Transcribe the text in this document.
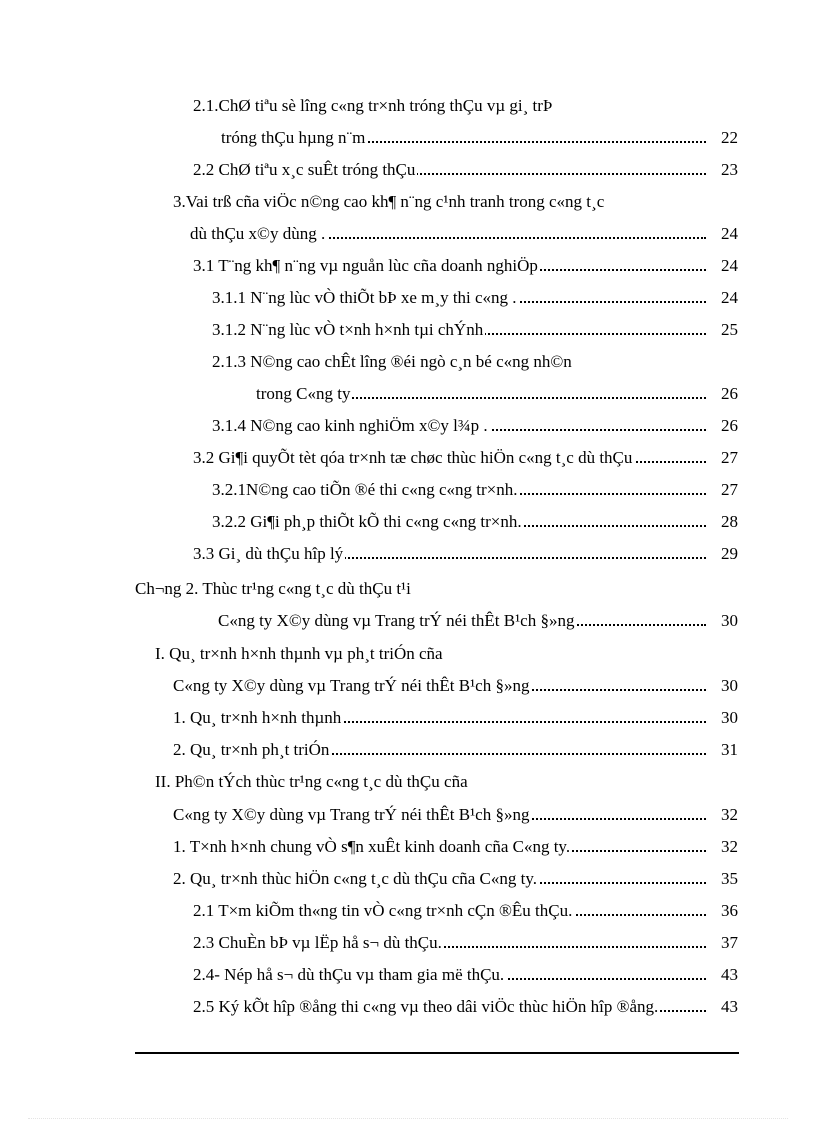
2.1.ChØ tiªu sè lîng c«ng tr×nh tróng thÇu vµ gi¸ trÞ
tróng thÇu hµng n¨m	22
2.2 ChØ tiªu x¸c suÊt tróng thÇu	23
3.Vai trß cña viÖc n©ng cao kh¶ n¨ng c¹nh tranh trong c«ng t¸c
dù thÇu x©y dùng .	24
3.1 T¨ng kh¶ n¨ng vµ nguån lùc cña doanh nghiÖp	24
3.1.1 N¨ng lùc vÒ thiÕt bÞ xe m¸y thi c«ng .	24
3.1.2 N¨ng lùc vÒ t×nh h×nh tµi chÝnh	25
2.1.3 N©ng cao chÊt lîng ®éi ngò c¸n bé c«ng nh©n
trong C«ng ty	26
3.1.4 N©ng cao kinh nghiÖm x©y l¾p .	26
3.2 Gi¶i quyÕt tèt qóa tr×nh tæ chøc thùc hiÖn c«ng t¸c dù thÇu	27
3.2.1N©ng cao tiÕn ®é thi c«ng c«ng tr×nh.	27
3.2.2 Gi¶i ph¸p thiÕt kÕ thi c«ng c«ng tr×nh.	28
3.3 Gi¸ dù thÇu hîp lý	29
Ch¬ng 2. Thùc tr¹ng c«ng t¸c dù thÇu t¹i
C«ng ty X©y dùng vµ Trang trÝ néi thÊt B¹ch §»ng	30
I. Qu¸ tr×nh h×nh thµnh vµ ph¸t triÓn cña
C«ng ty X©y dùng vµ Trang trÝ néi thÊt B¹ch §»ng	30
1. Qu¸ tr×nh h×nh thµnh	30
2. Qu¸ tr×nh ph¸t triÓn	31
II. Ph©n tÝch thùc tr¹ng c«ng t¸c dù thÇu cña
C«ng ty X©y dùng vµ Trang trÝ néi thÊt B¹ch §»ng	32
1. T×nh h×nh chung vÒ s¶n xuÊt kinh doanh cña C«ng ty.	32
2. Qu¸ tr×nh thùc hiÖn c«ng t¸c dù thÇu cña C«ng ty.	35
2.1 T×m kiÕm th«ng tin vÒ c«ng tr×nh cÇn ®Êu thÇu.	36
2.3 ChuÈn bÞ vµ lËp hå s¬ dù thÇu.	37
2.4- Nép hå s¬ dù thÇu vµ tham gia më thÇu.	43
2.5 Ký kÕt hîp ®ång thi c«ng vµ theo dâi viÖc thùc hiÖn hîp ®ång.	43
